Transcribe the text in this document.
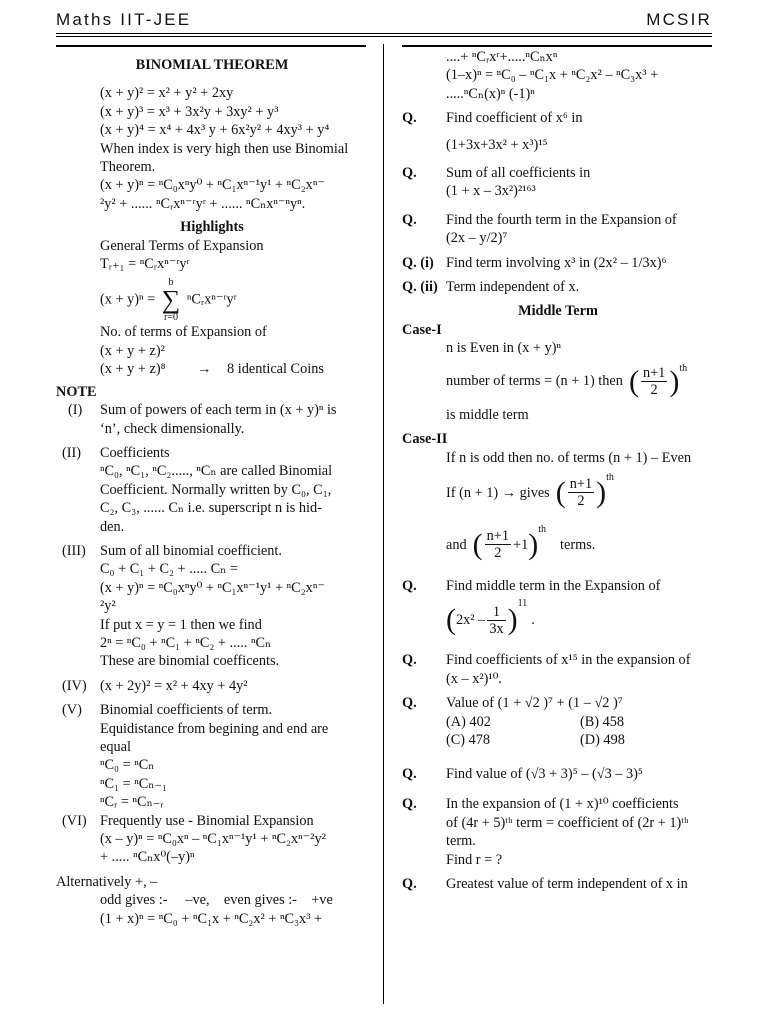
Maths IIT-JEE	MCSIR
BINOMIAL THEOREM
(x + y)² = x² + y² + 2xy
(x + y)³ = x³ + 3x²y + 3xy² + y³
(x + y)⁴ = x⁴ + 4x³ y + 6x²y² + 4xy³ + y⁴
When index is very high then use Binomial
Theorem.
(x + y)ⁿ = ⁿC₀xⁿy⁰ + ⁿC₁xⁿ⁻¹y¹ + ⁿC₂xⁿ⁻
²y² + ...... ⁿCᵣxⁿ⁻ʳyʳ + ...... ⁿCₙxⁿ⁻ⁿyⁿ.
Highlights
General Terms of Expansion
Tᵣ₊₁ = ⁿCᵣxⁿ⁻ʳyʳ
(x + y)ⁿ = b
∑
r=0 ⁿCᵣxⁿ⁻ʳyʳ
No. of terms of Expansion of
(x + y + z)²
(x + y + z)⁸ → 8 identical Coins
NOTE
(I)	Sum of powers of each term in (x + y)ⁿ is
‘n’, check dimensionally.
(II)	Coefficients
ⁿC₀, ⁿC₁, ⁿC₂....., ⁿCₙ are called Binomial
Coefficient. Normally written by C₀, C₁,
C₂, C₃, ...... Cₙ i.e. superscript n is hid-
den.
(III) Sum of all binomial coefficient.
C₀ + C₁ + C₂ + ..... Cₙ =
(x + y)ⁿ = ⁿC₀xⁿy⁰ + ⁿC₁xⁿ⁻¹y¹ + ⁿC₂xⁿ⁻
²y²
If put x = y = 1 then we find
2ⁿ = ⁿC₀ + ⁿC₁ + ⁿC₂ + ..... ⁿCₙ
These are binomial coefficents.
(IV) (x + 2y)² = x² + 4xy + 4y²
(V)	Binomial coefficients of term.
Equidistance from begining and end are
equal
ⁿC₀ = ⁿCₙ
ⁿC₁ = ⁿCₙ₋₁
ⁿCᵣ = ⁿCₙ₋ᵣ
(VI) Frequently use - Binomial Expansion
(x – y)ⁿ = ⁿC₀xⁿ – ⁿC₁xⁿ⁻¹y¹ + ⁿC₂xⁿ⁻²y²
+ ..... ⁿCₙx⁰(–y)ⁿ
Alternatively +, –
odd gives :-     –ve,    even gives :-    +ve
(1 + x)ⁿ = ⁿC₀ + ⁿC₁x + ⁿC₂x² + ⁿC₃x³ +
....+ ⁿCᵣxʳ+.....ⁿCₙxⁿ
(1–x)ⁿ = ⁿC₀ – ⁿC₁x + ⁿC₂x² – ⁿC₃x³ +
.....ⁿCₙ(x)ⁿ (-1)ⁿ
Q.	Find coefficient of x⁶ in
(1+3x+3x² + x³)¹⁵
Q.	Sum of all coefficients in
(1 + x – 3x²)²¹⁶³
Q.	Find the fourth term in the Expansion of
(2x – y/2)⁷
Q. (i) Find term involving x³ in (2x² – 1/3x)⁶
Q. (ii) Term independent of x.
Middle Term
Case-I
n is Even in (x + y)ⁿ
number of terms = (n + 1) then ( $\frac{n+1}{2}$ ) th
is middle term
Case-II
If n is odd then no. of terms (n + 1) – Even
If (n + 1) → gives ( $\frac{n+1}{2}$ ) th
and ( $\frac{n+1}{2} +1$ ) th
terms.
Q.	Find middle term in the Expansion of
( $2x^2 - \frac{1}{3x}$ ) 11
.
Q.	Find coefficients of x¹⁵ in the expansion of
(x – x²)¹⁰.
Q.	Value of (1 + √2 )⁷ + (1 – √2 )⁷
(A) 402	(B) 458
(C) 478	(D) 498
Q.	Find value of (√3 + 3)⁵ – (√3 – 3)⁵
Q.	In the expansion of (1 + x)¹⁰ coefficients
of (4r + 5)ᵗʰ term = coefficient of (2r + 1)ᵗʰ
term.
Find r = ?
Q.	Greatest value of term independent of x in
